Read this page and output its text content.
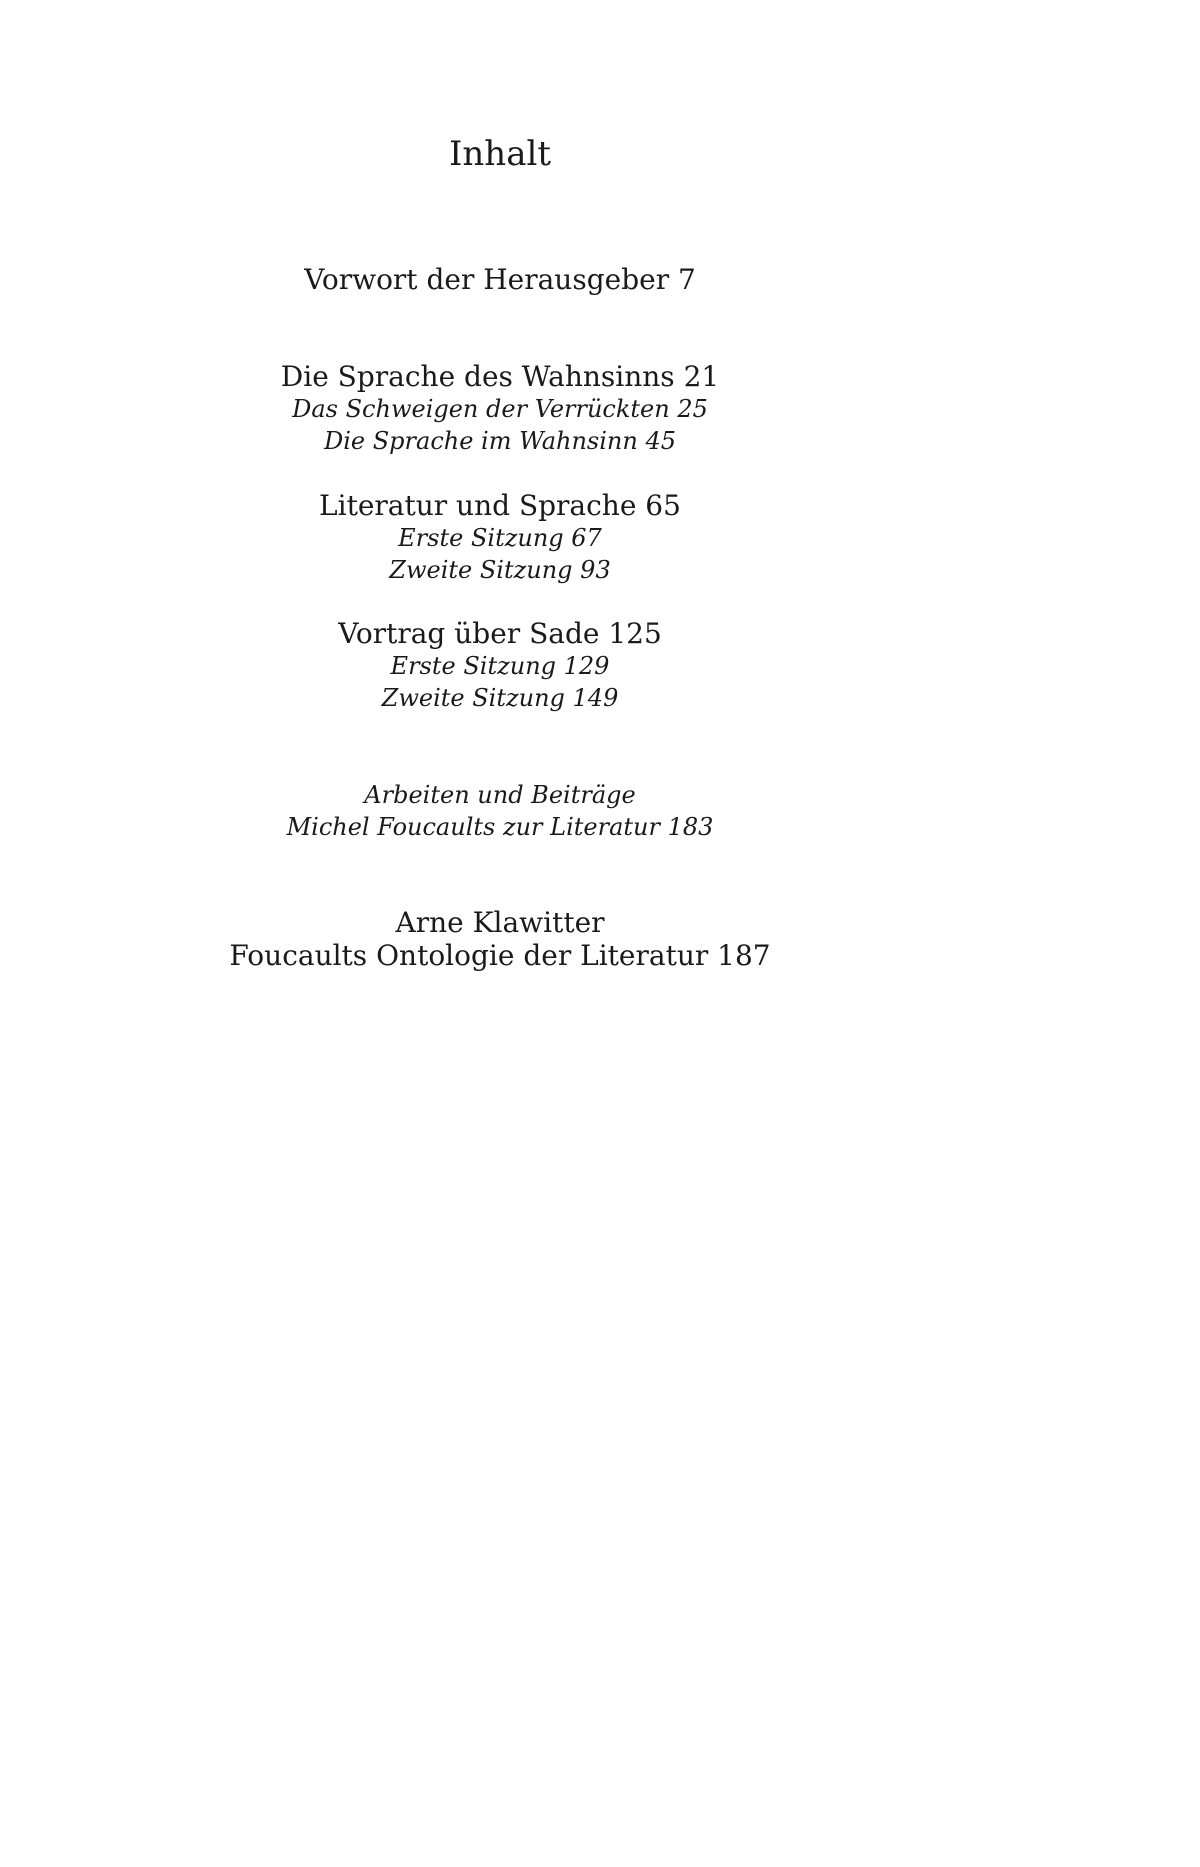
Inhalt

Vorwort der Herausgeber 7

Die Sprache des Wahnsinns 21

Das Schweigen der Verrückten 25

Die Sprache im Wahnsinn 45

Literatur und Sprache 65

Erste Sitzung 67

Zweite Sitzung 93

Vortrag über Sade 125

Erste Sitzung 129

Zweite Sitzung 149

Arbeiten und Beiträge

Michel Foucaults zur Literatur 183

Arne Klawitter

Foucaults Ontologie der Literatur 187
